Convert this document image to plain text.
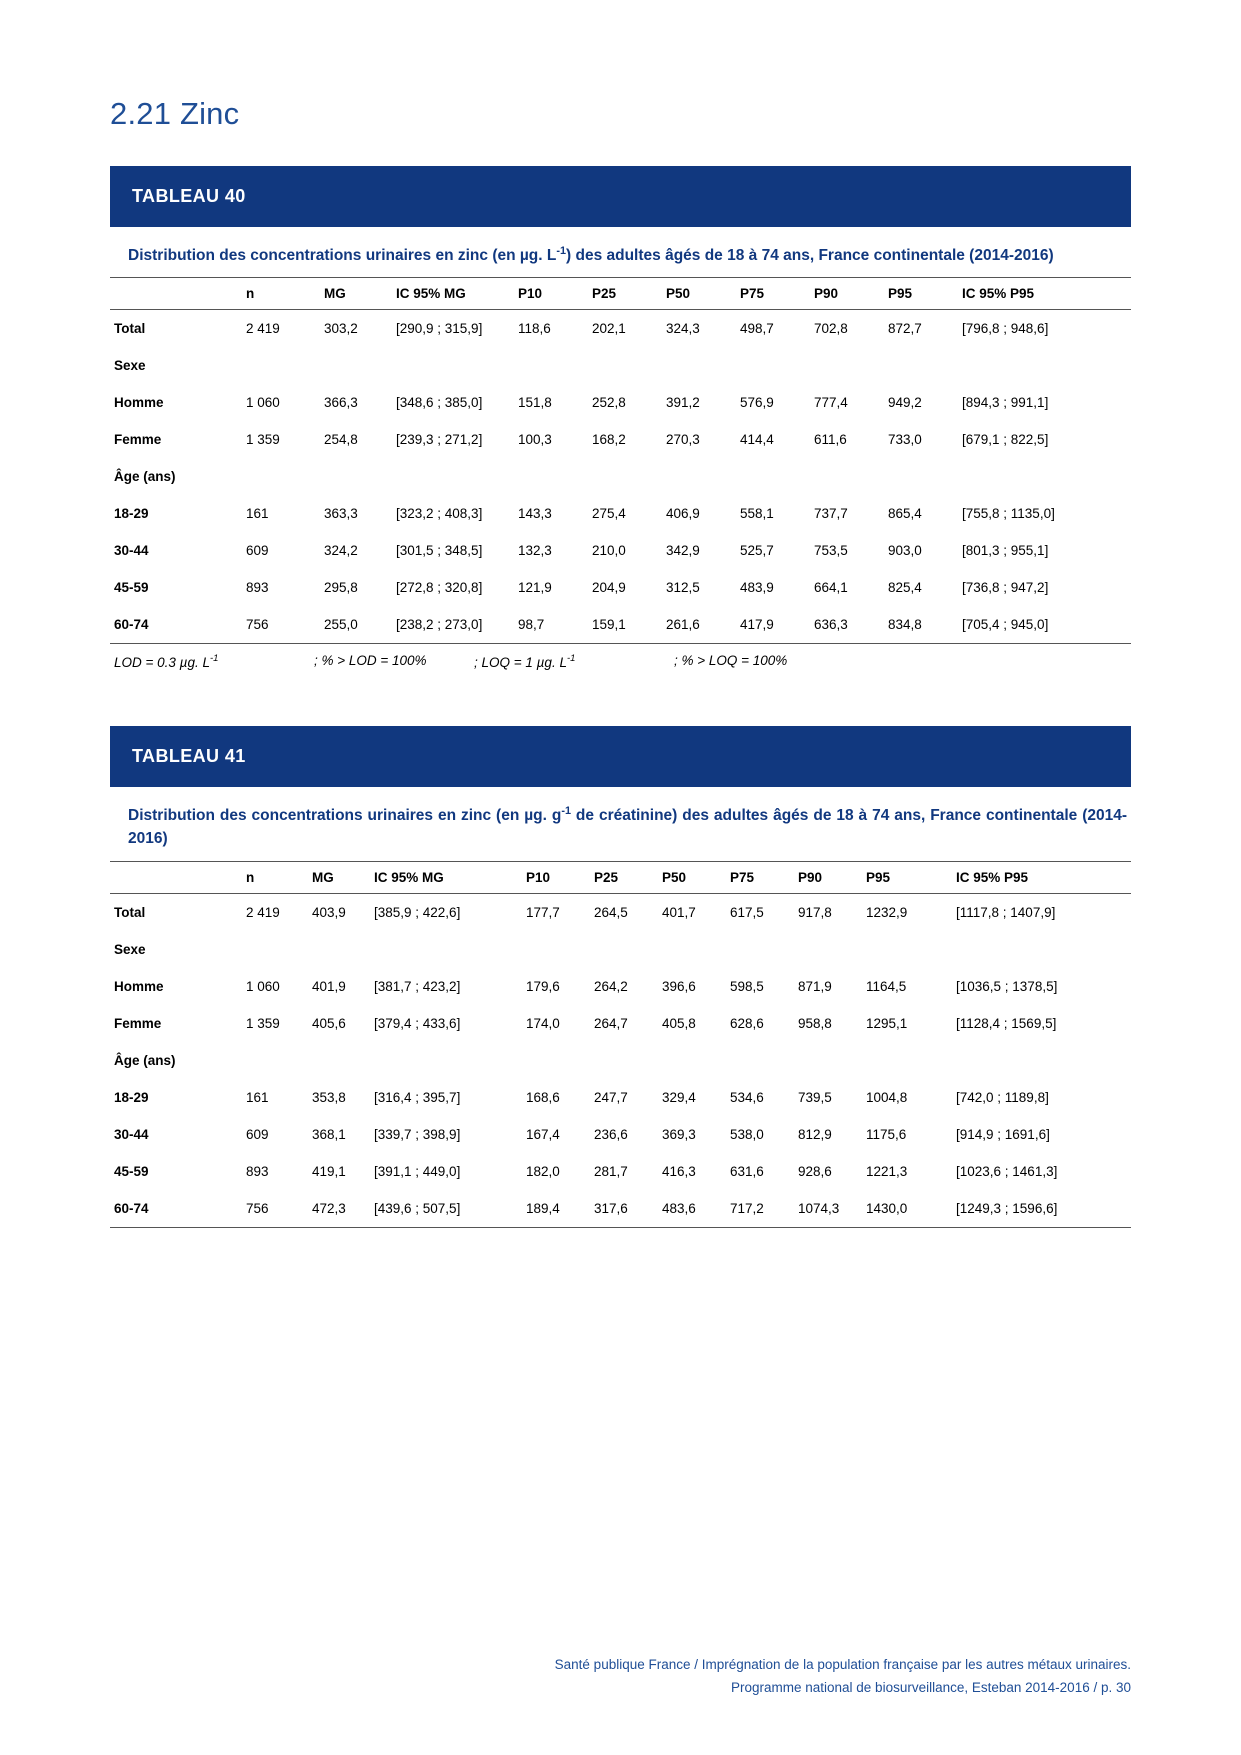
2.21 Zinc
TABLEAU 40
Distribution des concentrations urinaires en zinc (en µg. $L^{-1}$) des adultes âgés de 18 à 74 ans, France continentale (2014-2016)
	n	MG	IC 95% MG	P10	P25	P50	P75	P90	P95	IC 95% P95
Total	2 419	303,2	[290,9 ; 315,9]	118,6	202,1	324,3	498,7	702,8	872,7	[796,8 ; 948,6]
Sexe										
Homme	1 060	366,3	[348,6 ; 385,0]	151,8	252,8	391,2	576,9	777,4	949,2	[894,3 ; 991,1]
Femme	1 359	254,8	[239,3 ; 271,2]	100,3	168,2	270,3	414,4	611,6	733,0	[679,1 ; 822,5]
Âge (ans)										
18-29	161	363,3	[323,2 ; 408,3]	143,3	275,4	406,9	558,1	737,7	865,4	[755,8 ; 1135,0]
30-44	609	324,2	[301,5 ; 348,5]	132,3	210,0	342,9	525,7	753,5	903,0	[801,3 ; 955,1]
45-59	893	295,8	[272,8 ; 320,8]	121,9	204,9	312,5	483,9	664,1	825,4	[736,8 ; 947,2]
60-74	756	255,0	[238,2 ; 273,0]	98,7	159,1	261,6	417,9	636,3	834,8	[705,4 ; 945,0]
LOD = 0.3 µg. $L^{-1}$	; % > LOD = 100%	; LOQ = 1 µg. $L^{-1}$	; % > LOQ = 100%
TABLEAU 41
Distribution des concentrations urinaires en zinc (en µg. $g^{-1}$ de créatinine) des adultes âgés de 18 à 74 ans, France continentale (2014-2016)
	n	MG	IC 95% MG	P10	P25	P50	P75	P90	P95	IC 95% P95
Total	2 419	403,9	[385,9 ; 422,6]	177,7	264,5	401,7	617,5	917,8	1232,9	[1117,8 ; 1407,9]
Sexe										
Homme	1 060	401,9	[381,7 ; 423,2]	179,6	264,2	396,6	598,5	871,9	1164,5	[1036,5 ; 1378,5]
Femme	1 359	405,6	[379,4 ; 433,6]	174,0	264,7	405,8	628,6	958,8	1295,1	[1128,4 ; 1569,5]
Âge (ans)										
18-29	161	353,8	[316,4 ; 395,7]	168,6	247,7	329,4	534,6	739,5	1004,8	[742,0 ; 1189,8]
30-44	609	368,1	[339,7 ; 398,9]	167,4	236,6	369,3	538,0	812,9	1175,6	[914,9 ; 1691,6]
45-59	893	419,1	[391,1 ; 449,0]	182,0	281,7	416,3	631,6	928,6	1221,3	[1023,6 ; 1461,3]
60-74	756	472,3	[439,6 ; 507,5]	189,4	317,6	483,6	717,2	1074,3	1430,0	[1249,3 ; 1596,6]
Santé publique France / Imprégnation de la population française par les autres métaux urinaires.
Programme national de biosurveillance, Esteban 2014-2016 / p. 30
